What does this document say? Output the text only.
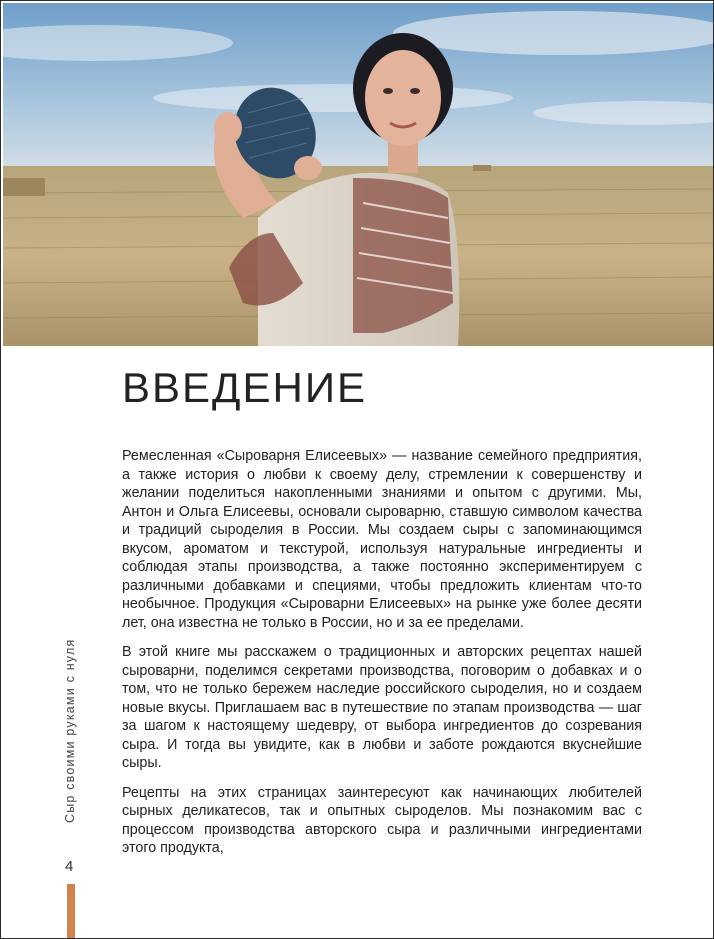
ВВЕДЕНИЕ

Ремесленная «Сыроварня Елисеевых» — название семейного предприятия, а также история о любви к своему делу, стремлении к совершенству и желании поделиться накопленными знаниями и опытом с другими. Мы, Антон и Ольга Елисеевы, основали сыроварню, ставшую символом качества и традиций сыроделия в России. Мы создаем сыры с запоминающимся вкусом, ароматом и текстурой, используя натуральные ингредиенты и соблюдая этапы производства, а также постоянно экспериментируем с различными добавками и специями, чтобы предложить клиентам что-то необычное. Продукция «Сыроварни Елисеевых» на рынке уже более десяти лет, она известна не только в России, но и за ее пределами.

В этой книге мы расскажем о традиционных и авторских рецептах нашей сыроварни, поделимся секретами производства, поговорим о добавках и о том, что не только бережем наследие российского сыроделия, но и создаем новые вкусы. Приглашаем вас в путешествие по этапам производства — шаг за шагом к настоящему шедевру, от выбора ингредиентов до созревания сыра. И тогда вы увидите, как в любви и заботе рождаются вкуснейшие сыры.

Рецепты на этих страницах заинтересуют как начинающих любителей сырных деликатесов, так и опытных сыроделов. Мы познакомим вас с процессом производства авторского сыра и различными ингредиентами этого продукта,

Сыр своими руками с нуля
4
